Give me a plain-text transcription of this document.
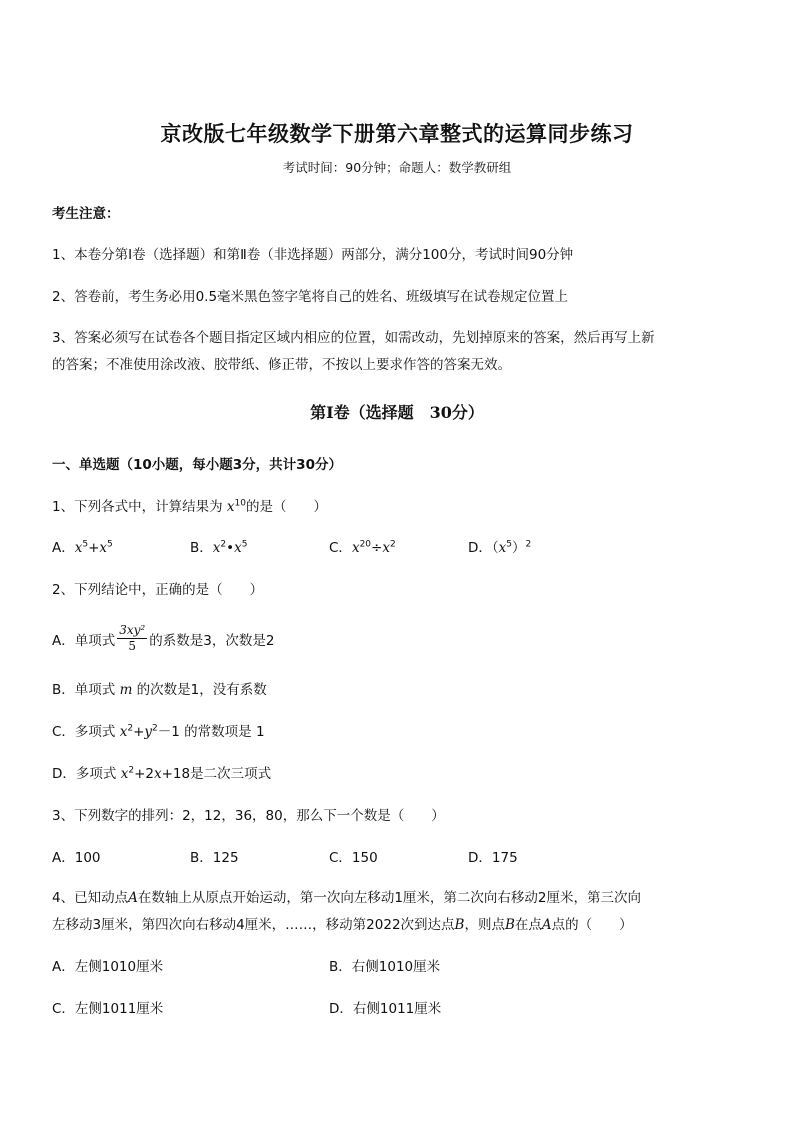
京改版七年级数学下册第六章整式的运算同步练习
考试时间：90分钟；命题人：数学教研组
考生注意：
1、本卷分第Ⅰ卷（选择题）和第Ⅱ卷（非选择题）两部分，满分100分，考试时间90分钟
2、答卷前，考生务必用0.5毫米黑色签字笔将自己的姓名、班级填写在试卷规定位置上
3、答案必须写在试卷各个题目指定区域内相应的位置，如需改动，先划掉原来的答案，然后再写上新
的答案；不准使用涂改液、胶带纸、修正带，不按以上要求作答的答案无效。
第Ⅰ卷（选择题　30分）
一、单选题（10小题，每小题3分，共计30分）
1、下列各式中，计算结果为 $x^{10}$的是（　　）
A．$x^5+x^5$	B．$x^2•x^5$	C．$x^{20}\div x^2$	D．$(x^5)^2$
2、下列结论中，正确的是（　　）
A．单项式 $\frac{\text{3xy²}}{5}$ 的系数是3，次数是2
B．单项式 m 的次数是1，没有系数
C．多项式 $x^2+y^2-1$ 的常数项是 1
D．多项式 $x^2+2x+18$是二次三项式
3、下列数字的排列：2，12，36，80，那么下一个数是（　　）
A．100	B．125	C．150	D．175
4、已知动点A在数轴上从原点开始运动，第一次向左移动1厘米，第二次向右移动2厘米，第三次向
左移动3厘米，第四次向右移动4厘米，……，移动第2022次到达点B，则点B在点A点的（　　）
A．左侧1010厘米	B．右侧1010厘米
C．左侧1011厘米	D．右侧1011厘米
